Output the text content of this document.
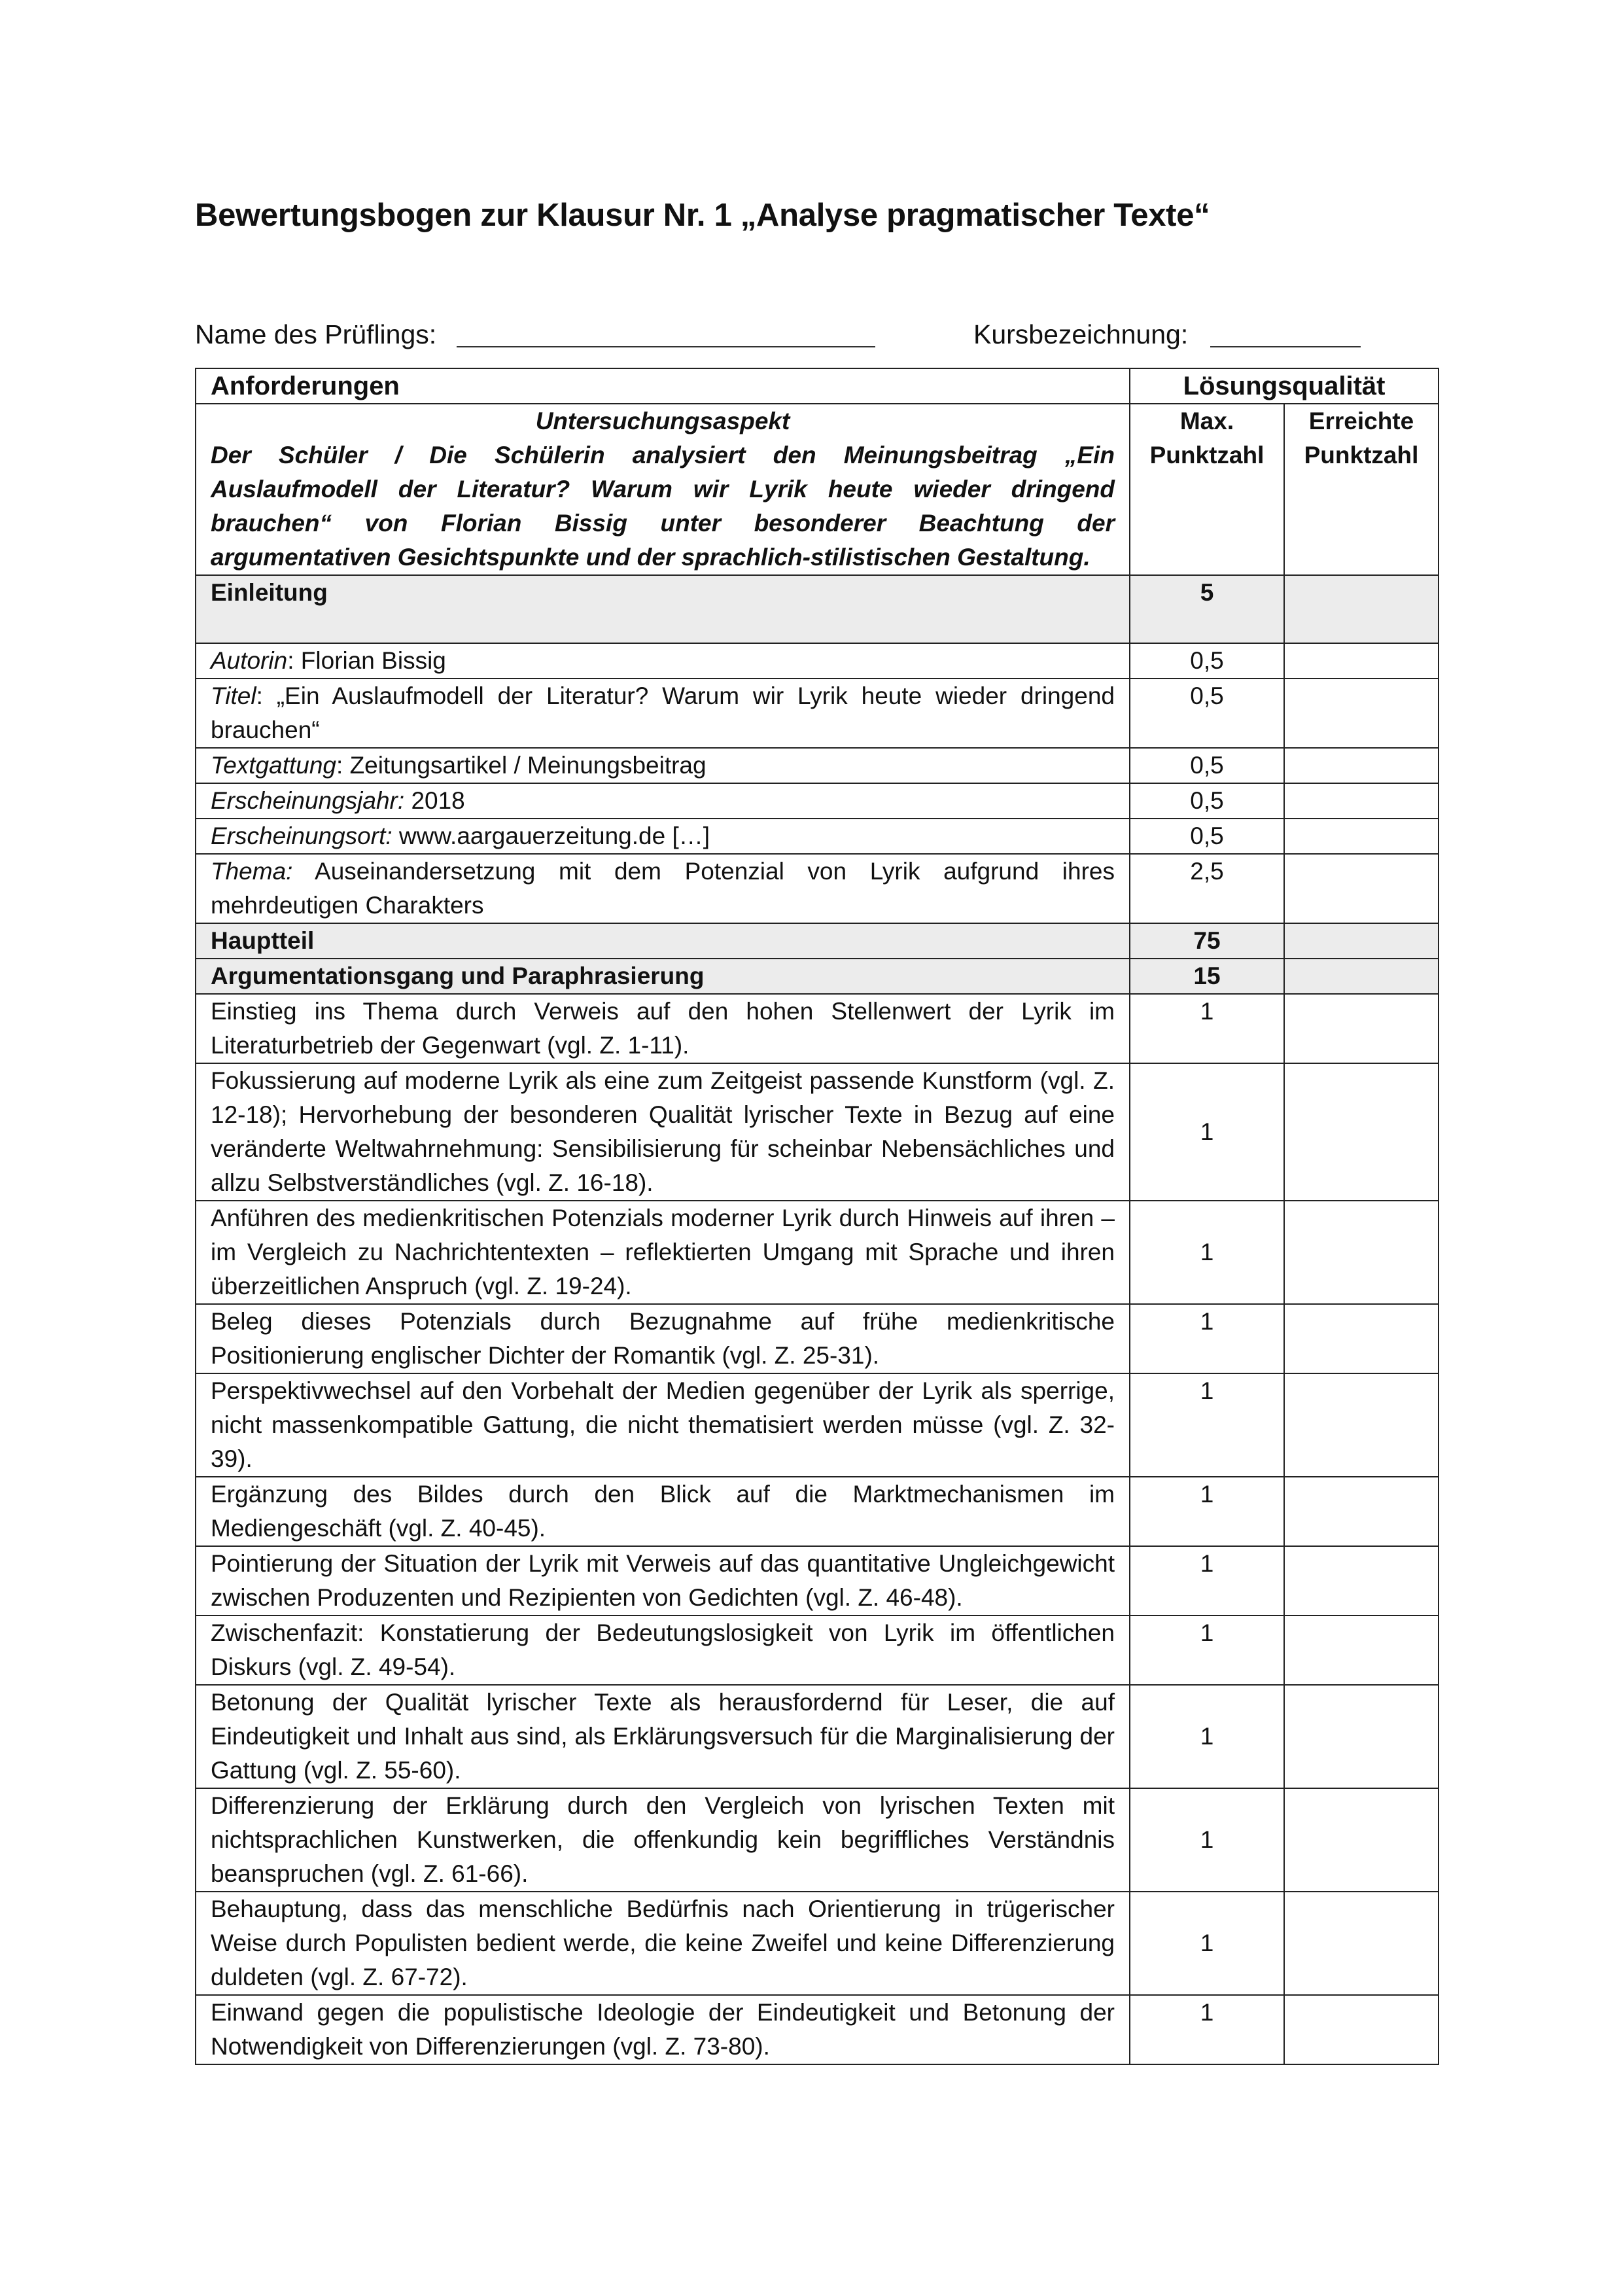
Bewertungsbogen zur Klausur Nr. 1 „Analyse pragmatischer Texte“
Name des Prüflings:	Kursbezeichnung:
Anforderungen	Lösungsqualität	

Untersuchungsaspekt
Der Schüler / Die Schülerin analysiert den Meinungsbeitrag „Ein Auslaufmodell der Literatur? Warum wir Lyrik heute wieder dringend brauchen“ von Florian Bissig unter besonderer Beachtung der argumentativen Gesichtspunkte und der sprachlich-stilistischen Gestaltung.	Max. Punktzahl	Erreichte Punktzahl
Einleitung	5	
Autorin: Florian Bissig	0,5	
Titel: „Ein Auslaufmodell der Literatur? Warum wir Lyrik heute wieder dringend brauchen“	0,5	
Textgattung: Zeitungsartikel / Meinungsbeitrag	0,5	
Erscheinungsjahr: 2018	0,5	
Erscheinungsort: www.aargauerzeitung.de […]	0,5	
Thema: Auseinandersetzung mit dem Potenzial von Lyrik aufgrund ihres mehrdeutigen Charakters	2,5	
Hauptteil	75	
Argumentationsgang und Paraphrasierung	15	
Einstieg ins Thema durch Verweis auf den hohen Stellenwert der Lyrik im Literaturbetrieb der Gegenwart (vgl. Z. 1-11).	1	
Fokussierung auf moderne Lyrik als eine zum Zeitgeist passende Kunstform (vgl. Z. 12-18); Hervorhebung der besonderen Qualität lyrischer Texte in Bezug auf eine veränderte Weltwahrnehmung: Sensibilisierung für scheinbar Nebensächliches und allzu Selbstverständliches (vgl. Z. 16-18).	1	
Anführen des medienkritischen Potenzials moderner Lyrik durch Hinweis auf ihren – im Vergleich zu Nachrichtentexten – reflektierten Umgang mit Sprache und ihren überzeitlichen Anspruch (vgl. Z. 19-24).	1	
Beleg dieses Potenzials durch Bezugnahme auf frühe medienkritische Positionierung englischer Dichter der Romantik (vgl. Z. 25-31).	1	
Perspektivwechsel auf den Vorbehalt der Medien gegenüber der Lyrik als sperrige, nicht massenkompatible Gattung, die nicht thematisiert werden müsse (vgl. Z. 32-39).	1	
Ergänzung des Bildes durch den Blick auf die Marktmechanismen im Mediengeschäft (vgl. Z. 40-45).	1	
Pointierung der Situation der Lyrik mit Verweis auf das quantitative Ungleichgewicht zwischen Produzenten und Rezipienten von Gedichten (vgl. Z. 46-48).	1	
Zwischenfazit: Konstatierung der Bedeutungslosigkeit von Lyrik im öffentlichen Diskurs (vgl. Z. 49-54).	1	
Betonung der Qualität lyrischer Texte als herausfordernd für Leser, die auf Eindeutigkeit und Inhalt aus sind, als Erklärungsversuch für die Marginalisierung der Gattung (vgl. Z. 55-60).	1	
Differenzierung der Erklärung durch den Vergleich von lyrischen Texten mit nichtsprachlichen Kunstwerken, die offenkundig kein begriffliches Verständnis beanspruchen (vgl. Z. 61-66).	1	
Behauptung, dass das menschliche Bedürfnis nach Orientierung in trügerischer Weise durch Populisten bedient werde, die keine Zweifel und keine Differenzierung duldeten (vgl. Z. 67-72).	1	
Einwand gegen die populistische Ideologie der Eindeutigkeit und Betonung der Notwendigkeit von Differenzierungen (vgl. Z. 73-80).	1	
